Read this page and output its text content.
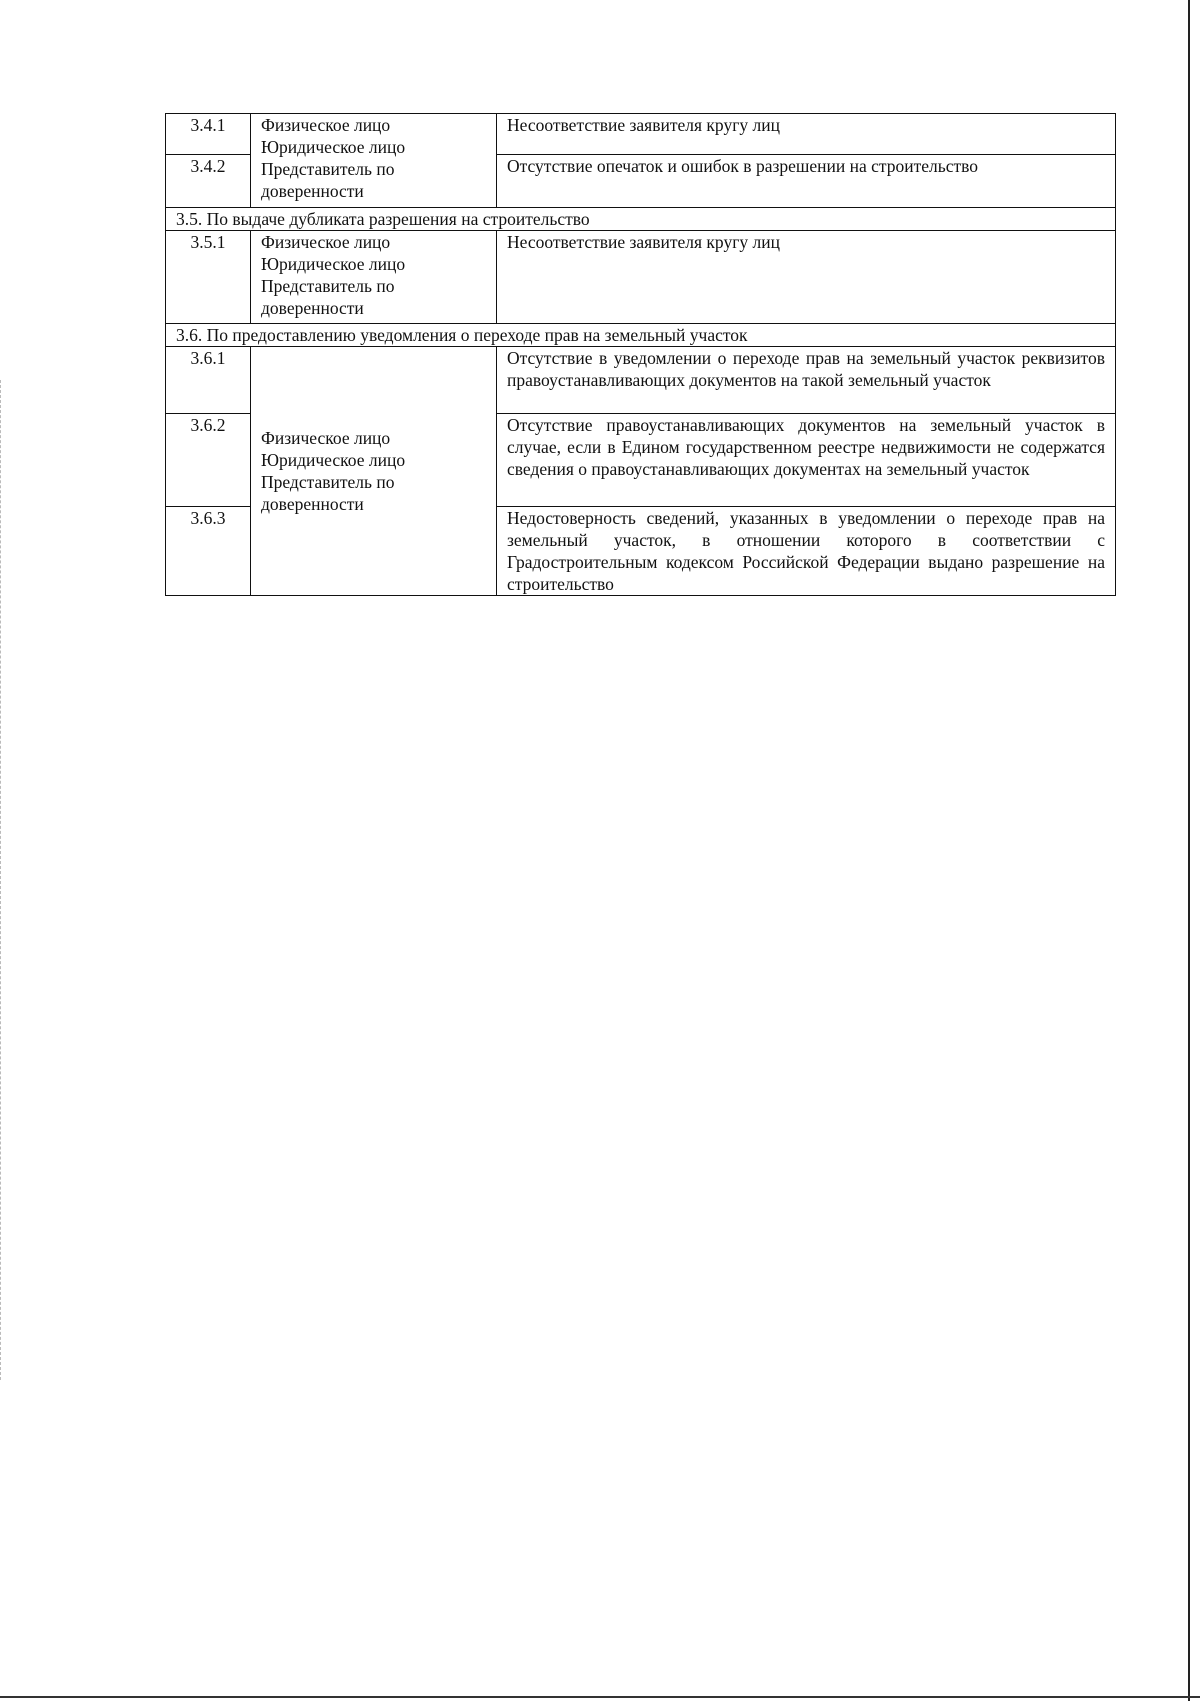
3.4.1	Физическое лицо
Юридическое лицо
Представитель по
доверенности	Несоответствие заявителя кругу лиц
3.4.2		Отсутствие опечаток и ошибок в разрешении на строительство
3.5. По выдаче дубликата разрешения на строительство		
3.5.1	Физическое лицо
Юридическое лицо
Представитель по
доверенности	Несоответствие заявителя кругу лиц
3.6. По предоставлению уведомления о переходе прав на земельный участок		
3.6.1	Физическое лицо
Юридическое лицо
Представитель по
доверенности	Отсутствие в уведомлении о переходе прав на земельный участок реквизитов правоустанавливающих документов на такой земельный участок
3.6.2		Отсутствие правоустанавливающих документов на земельный участок в случае, если в Едином государственном реестре недвижимости не содержатся сведения о правоустанавливающих документах на земельный участок
3.6.3		Недостоверность сведений, указанных в уведомлении о переходе прав на земельный участок, в отношении которого в соответствии с Градостроительным кодексом Российской Федерации выдано разрешение на строительство
